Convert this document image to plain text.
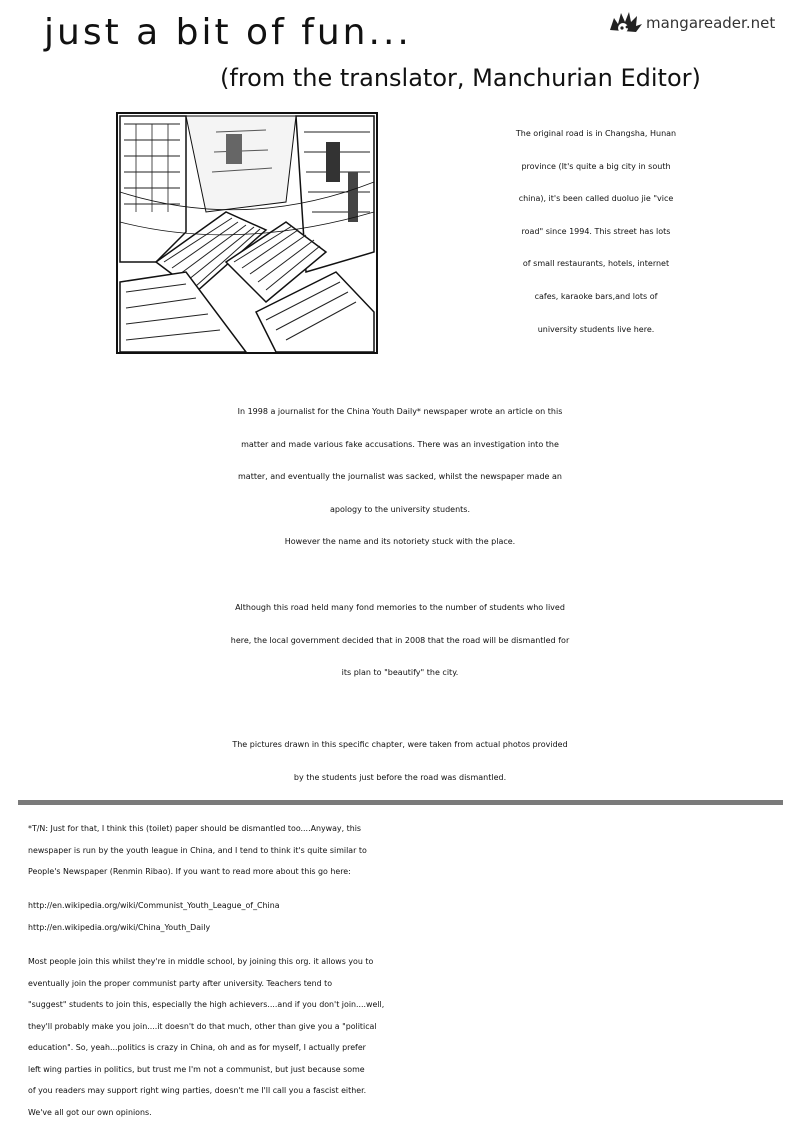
mangareader.net
just a bit of fun...
(from the translator, Manchurian Editor)
The original road is in Changsha, Hunan
province (It's quite a big city in south
china), it's been called duoluo jie "vice
road" since 1994. This street has lots
of small restaurants, hotels, internet
cafes, karaoke bars,and lots of
university students live here.
In 1998 a journalist for the China Youth Daily* newspaper wrote an article on this
matter and made various fake accusations. There was an investigation into the
matter, and eventually the journalist was sacked, whilst the newspaper made an
apology to the university students.
However the name and its notoriety stuck with the place.
Although this road held many fond memories to the number of students who lived
here, the local government decided that in 2008 that the road will be dismantled for
its plan to "beautify" the city.
The pictures drawn in this specific chapter, were taken from actual photos provided
by the students just before the road was dismantled.
*T/N: Just for that, I think this (toilet) paper should be dismantled too....Anyway, this
newspaper is run by the youth league in China, and I tend to think it's quite similar to
People's Newspaper (Renmin Ribao). If you want to read more about this go here:
http://en.wikipedia.org/wiki/Communist_Youth_League_of_China
http://en.wikipedia.org/wiki/China_Youth_Daily
Most people join this whilst they're in middle school, by joining this org. it allows you to
eventually join the proper communist party after university. Teachers tend to
"suggest" students to join this, especially the high achievers....and if you don't join....well,
they'll probably make you join....it doesn't do that much, other than give you a "political
education". So, yeah...politics is crazy in China, oh and as for myself, I actually prefer
left wing parties in politics, but trust me I'm not a communist, but just because some
of you readers may support right wing parties, doesn't me I'll call you a fascist either.
We've all got our own opinions.
